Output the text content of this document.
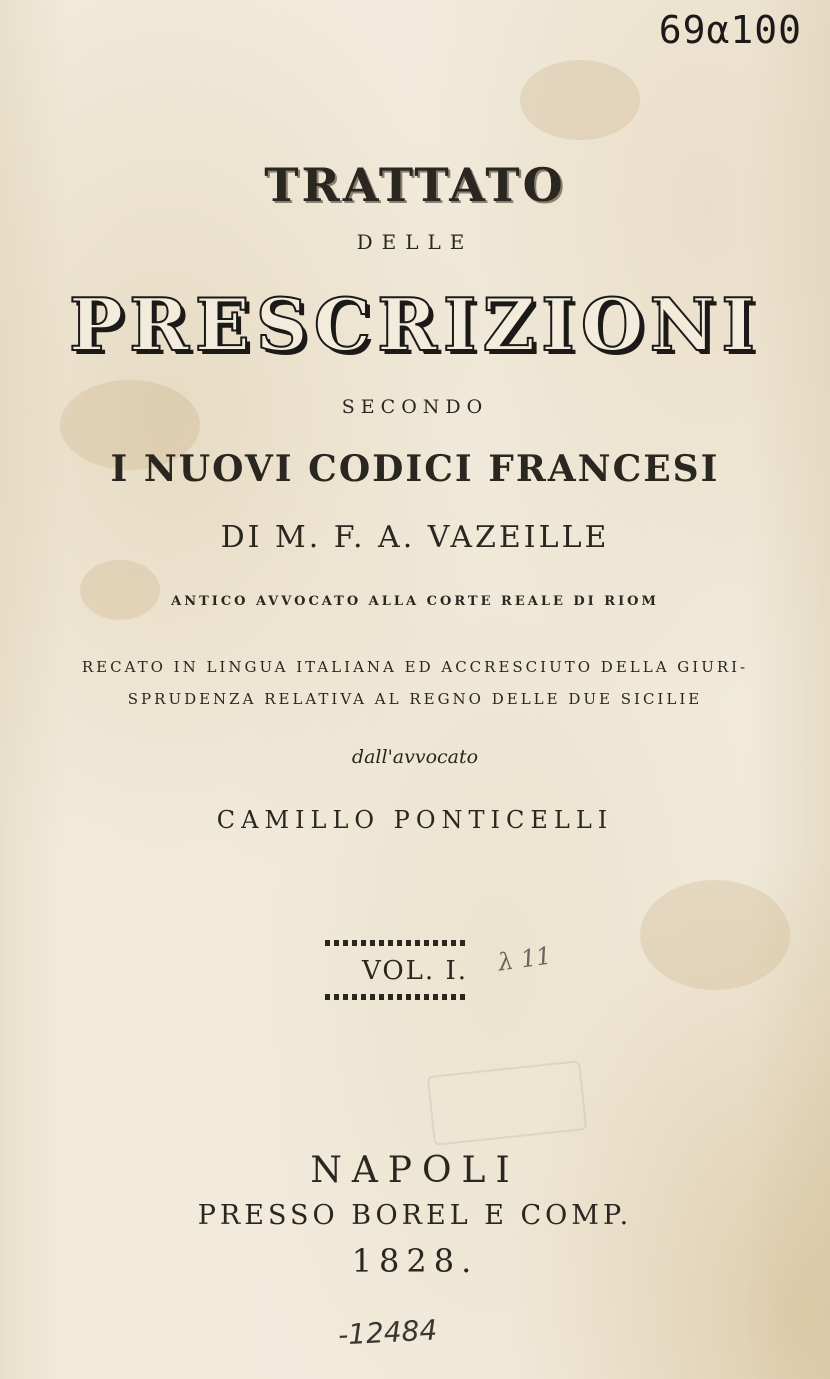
69α100
TRATTATO
DELLE
PRESCRIZIONI
SECONDO
I NUOVI CODICI FRANCESI
DI M. F. A. VAZEILLE
ANTICO AVVOCATO ALLA CORTE REALE DI RIOM
RECATO IN LINGUA ITALIANA ED ACCRESCIUTO DELLA GIURI-
SPRUDENZA RELATIVA AL REGNO DELLE DUE SICILIE
dall'avvocato
CAMILLO PONTICELLI
VOL. I.	λ 11
NAPOLI
PRESSO BOREL E COMP.
1828.
-12484
